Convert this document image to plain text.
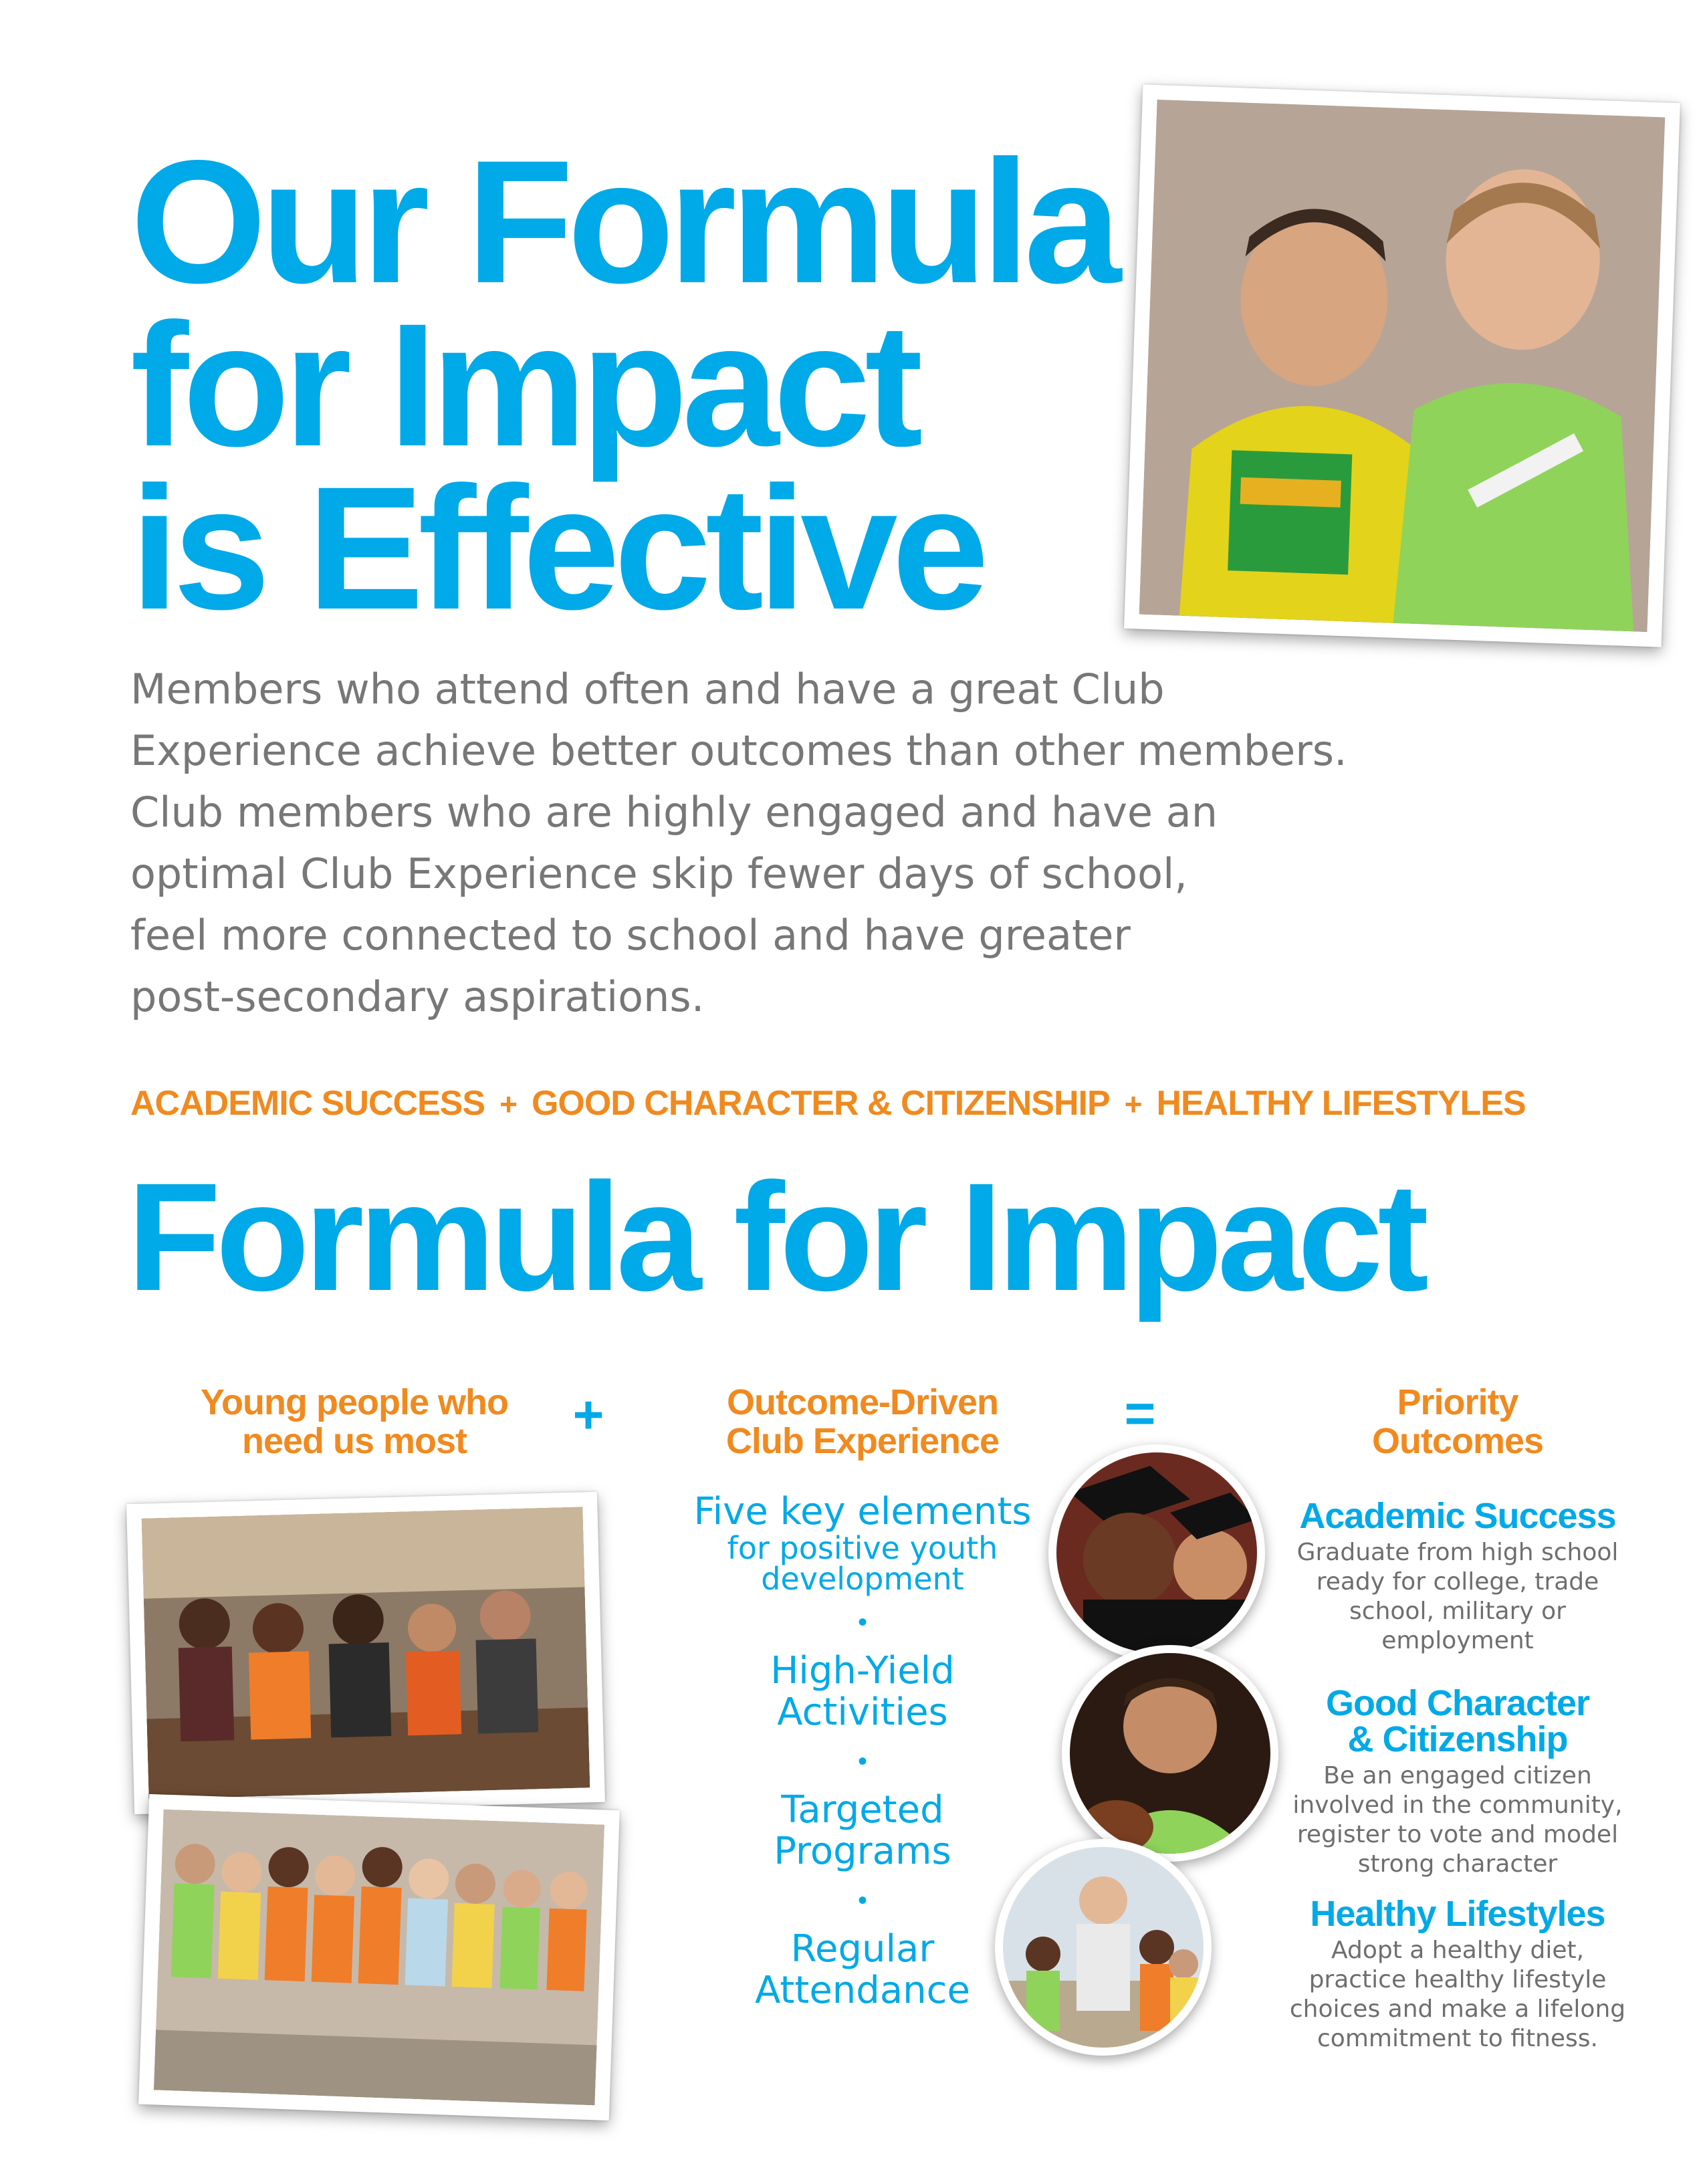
Our Formula
for Impact
is Effective
Members who attend often and have a great Club
Experience achieve better outcomes than other members.
Club members who are highly engaged and have an
optimal Club Experience skip fewer days of school,
feel more connected to school and have greater
post-secondary aspirations.
ACADEMIC SUCCESS + GOOD CHARACTER & CITIZENSHIP + HEALTHY LIFESTYLES
Formula for Impact
Young people who
need us most	+	Outcome-Driven
Club Experience	=	Priority
Outcomes
Five key elements
for positive youth
development
•
High-Yield
Activities
•
Targeted
Programs
•
Regular
Attendance
Academic Success
Graduate from high school
ready for college, trade
school, military or
employment
Good Character
& Citizenship
Be an engaged citizen
involved in the community,
register to vote and model
strong character
Healthy Lifestyles
Adopt a healthy diet,
practice healthy lifestyle
choices and make a lifelong
commitment to fitness.
